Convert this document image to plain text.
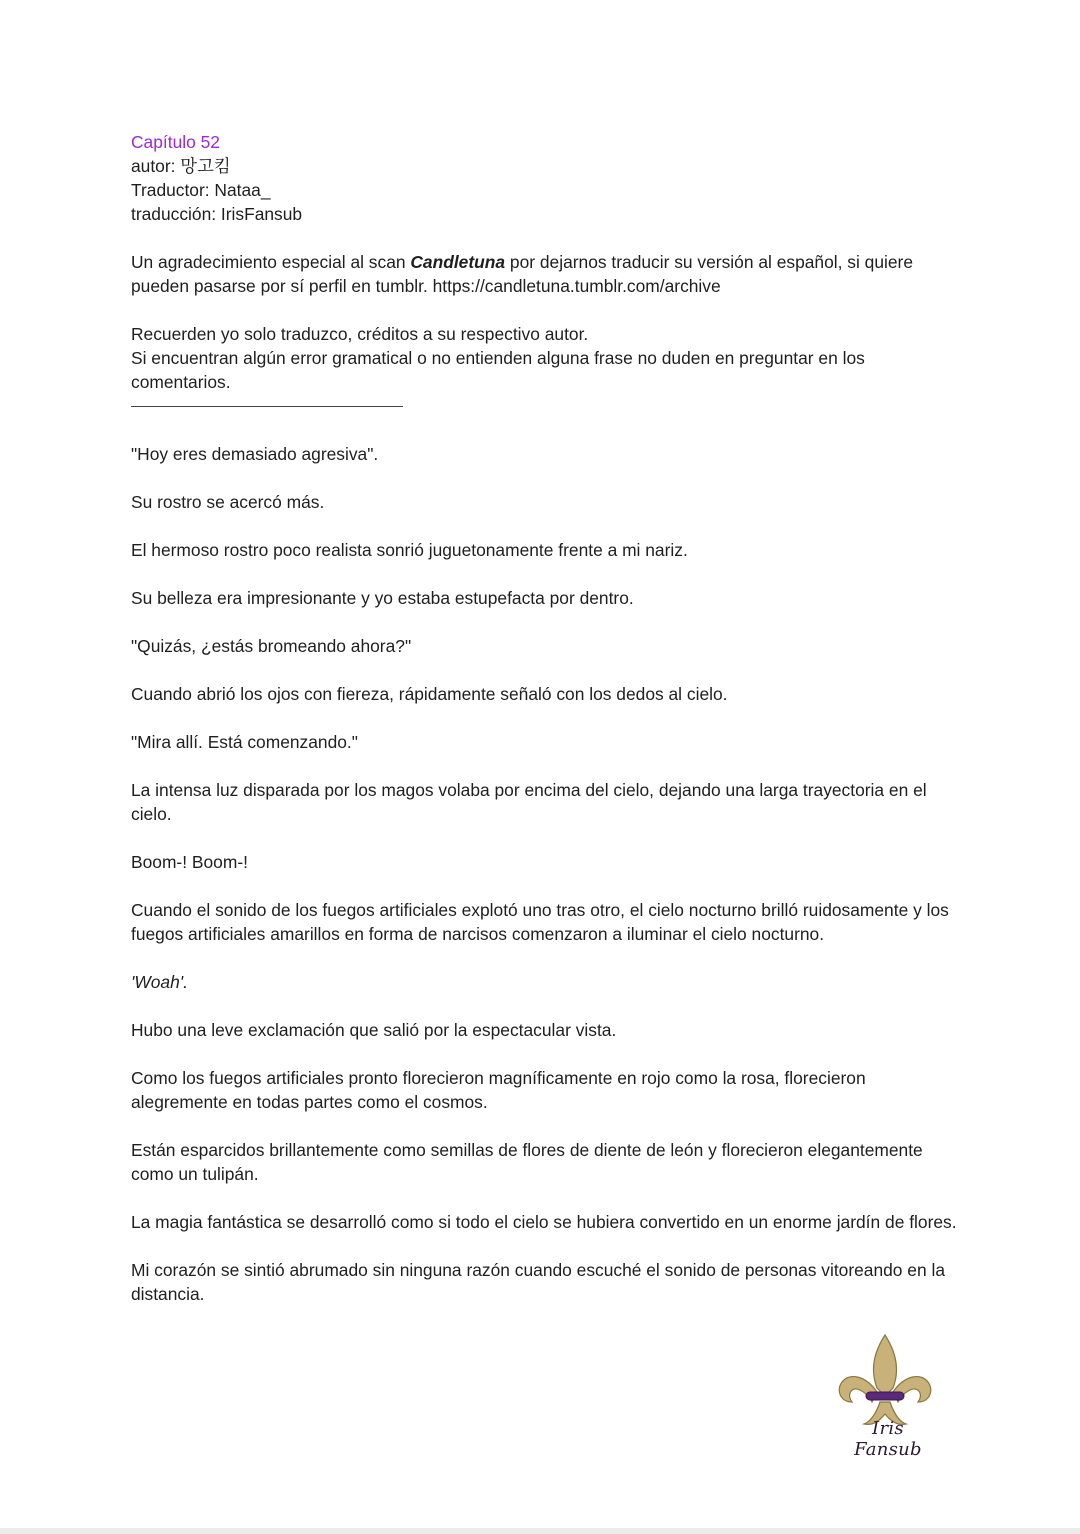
Capítulo 52
autor: 망고킴
Traductor: Nataa_
traducción: IrisFansub

Un agradecimiento especial al scan Candletuna por dejarnos traducir su versión al español, si quiere pueden pasarse por sí perfil en tumblr. https://candletuna.tumblr.com/archive

Recuerden yo solo traduzco, créditos a su respectivo autor.

Si encuentran algún error gramatical o no entienden alguna frase no duden en preguntar en los comentarios.

"Hoy eres demasiado agresiva".

Su rostro se acercó más.

El hermoso rostro poco realista sonrió juguetonamente frente a mi nariz.

Su belleza era impresionante y yo estaba estupefacta por dentro.

"Quizás, ¿estás bromeando ahora?"

Cuando abrió los ojos con fiereza, rápidamente señaló con los dedos al cielo.

"Mira allí. Está comenzando."

La intensa luz disparada por los magos volaba por encima del cielo, dejando una larga trayectoria en el cielo.

Boom-! Boom-!

Cuando el sonido de los fuegos artificiales explotó uno tras otro, el cielo nocturno brilló ruidosamente y los fuegos artificiales amarillos en forma de narcisos comenzaron a iluminar el cielo nocturno.

'Woah'.

Hubo una leve exclamación que salió por la espectacular vista.

Como los fuegos artificiales pronto florecieron magníficamente en rojo como la rosa, florecieron alegremente en todas partes como el cosmos.

Están esparcidos brillantemente como semillas de flores de diente de león y florecieron elegantemente como un tulipán.

La magia fantástica se desarrolló como si todo el cielo se hubiera convertido en un enorme jardín de flores.

Mi corazón se sintió abrumado sin ninguna razón cuando escuché el sonido de personas vitoreando en la distancia.

Iris Fansub
